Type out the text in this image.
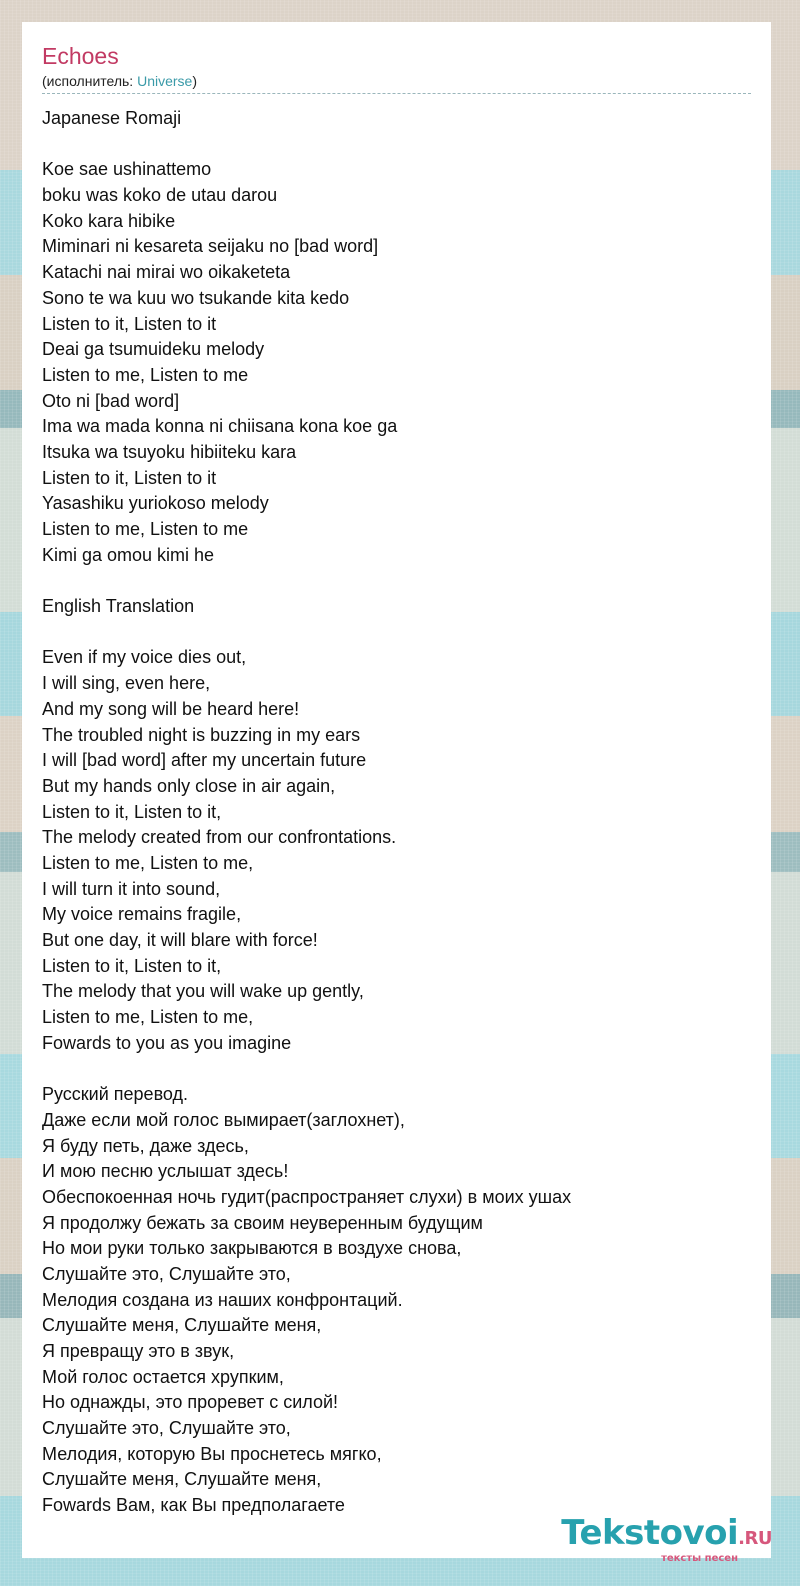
Echoes
(исполнитель: Universe)
Japanese Romaji
Koe sae ushinattemo
boku was koko de utau darou
Koko kara hibike
Miminari ni kesareta seijaku no [bad word]
Katachi nai mirai wo oikaketeta
Sono te wa kuu wo tsukande kita kedo
Listen to it, Listen to it
Deai ga tsumuideku melody
Listen to me, Listen to me
Oto ni [bad word]
Ima wa mada konna ni chiisana kona koe ga
Itsuka wa tsuyoku hibiiteku kara
Listen to it, Listen to it
Yasashiku yuriokoso melody
Listen to me, Listen to me
Kimi ga omou kimi he
English Translation
Even if my voice dies out,
I will sing, even here,
And my song will be heard here!
The troubled night is buzzing in my ears
I will [bad word] after my uncertain future
But my hands only close in air again,
Listen to it, Listen to it,
The melody created from our confrontations.
Listen to me, Listen to me,
I will turn it into sound,
My voice remains fragile,
But one day, it will blare with force!
Listen to it, Listen to it,
The melody that you will wake up gently,
Listen to me, Listen to me,
Fowards to you as you imagine
Русский перевод.
Даже если мой голос вымирает(заглохнет),
Я буду петь, даже здесь,
И мою песню услышат здесь!
Обеспокоенная ночь гудит(распространяет слухи) в моих ушах
Я продолжу бежать за своим неуверенным будущим
Но мои руки только закрываются в воздухе снова,
Слушайте это, Слушайте это,
Мелодия создана из наших конфронтаций.
Слушайте меня, Слушайте меня,
Я превращу это в звук,
Мой голос остается хрупким,
Но однажды, это проревет с силой!
Слушайте это, Слушайте это,
Мелодия, которую Вы проснетесь мягко,
Слушайте меня, Слушайте меня,
Fowards Вам, как Вы предполагаете
Tekstovoi.RU
тексты песен
